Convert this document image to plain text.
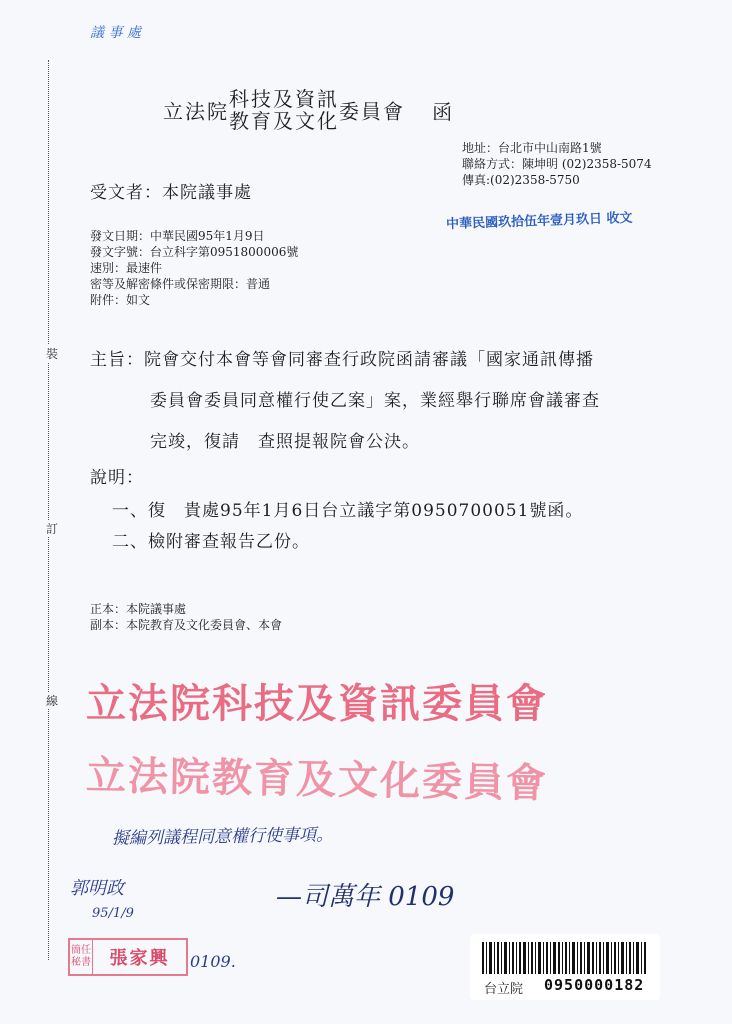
裝
訂
線
議 事 處
立法院
科技及資訊
教育及文化 委員會 函
地址：台北市中山南路1號
聯絡方式：陳坤明 (02)2358-5074
傳真:(02)2358-5750
受文者：本院議事處
中華民國玖拾伍年壹月玖日 收文
發文日期：中華民國95年1月9日
發文字號：台立科字第0951800006號
速別：最速件
密等及解密條件或保密期限：普通
附件：如文
主旨：院會交付本會等會同審查行政院函請審議「國家通訊傳播
委員會委員同意權行使乙案」案，業經舉行聯席會議審查
完竣，復請　查照提報院會公決。
說明：
一、復　貴處95年1月6日台立議字第0950700051號函。
二、檢附審查報告乙份。
正本：本院議事處
副本：本院教育及文化委員會、本會
立法院科技及資訊委員會
立法院教育及文化委員會
擬編列議程同意權行使事項。
—司萬年 0109
郭明政
95/1/9
簡任秘書	張家興	0109.
台立院 0950000182
